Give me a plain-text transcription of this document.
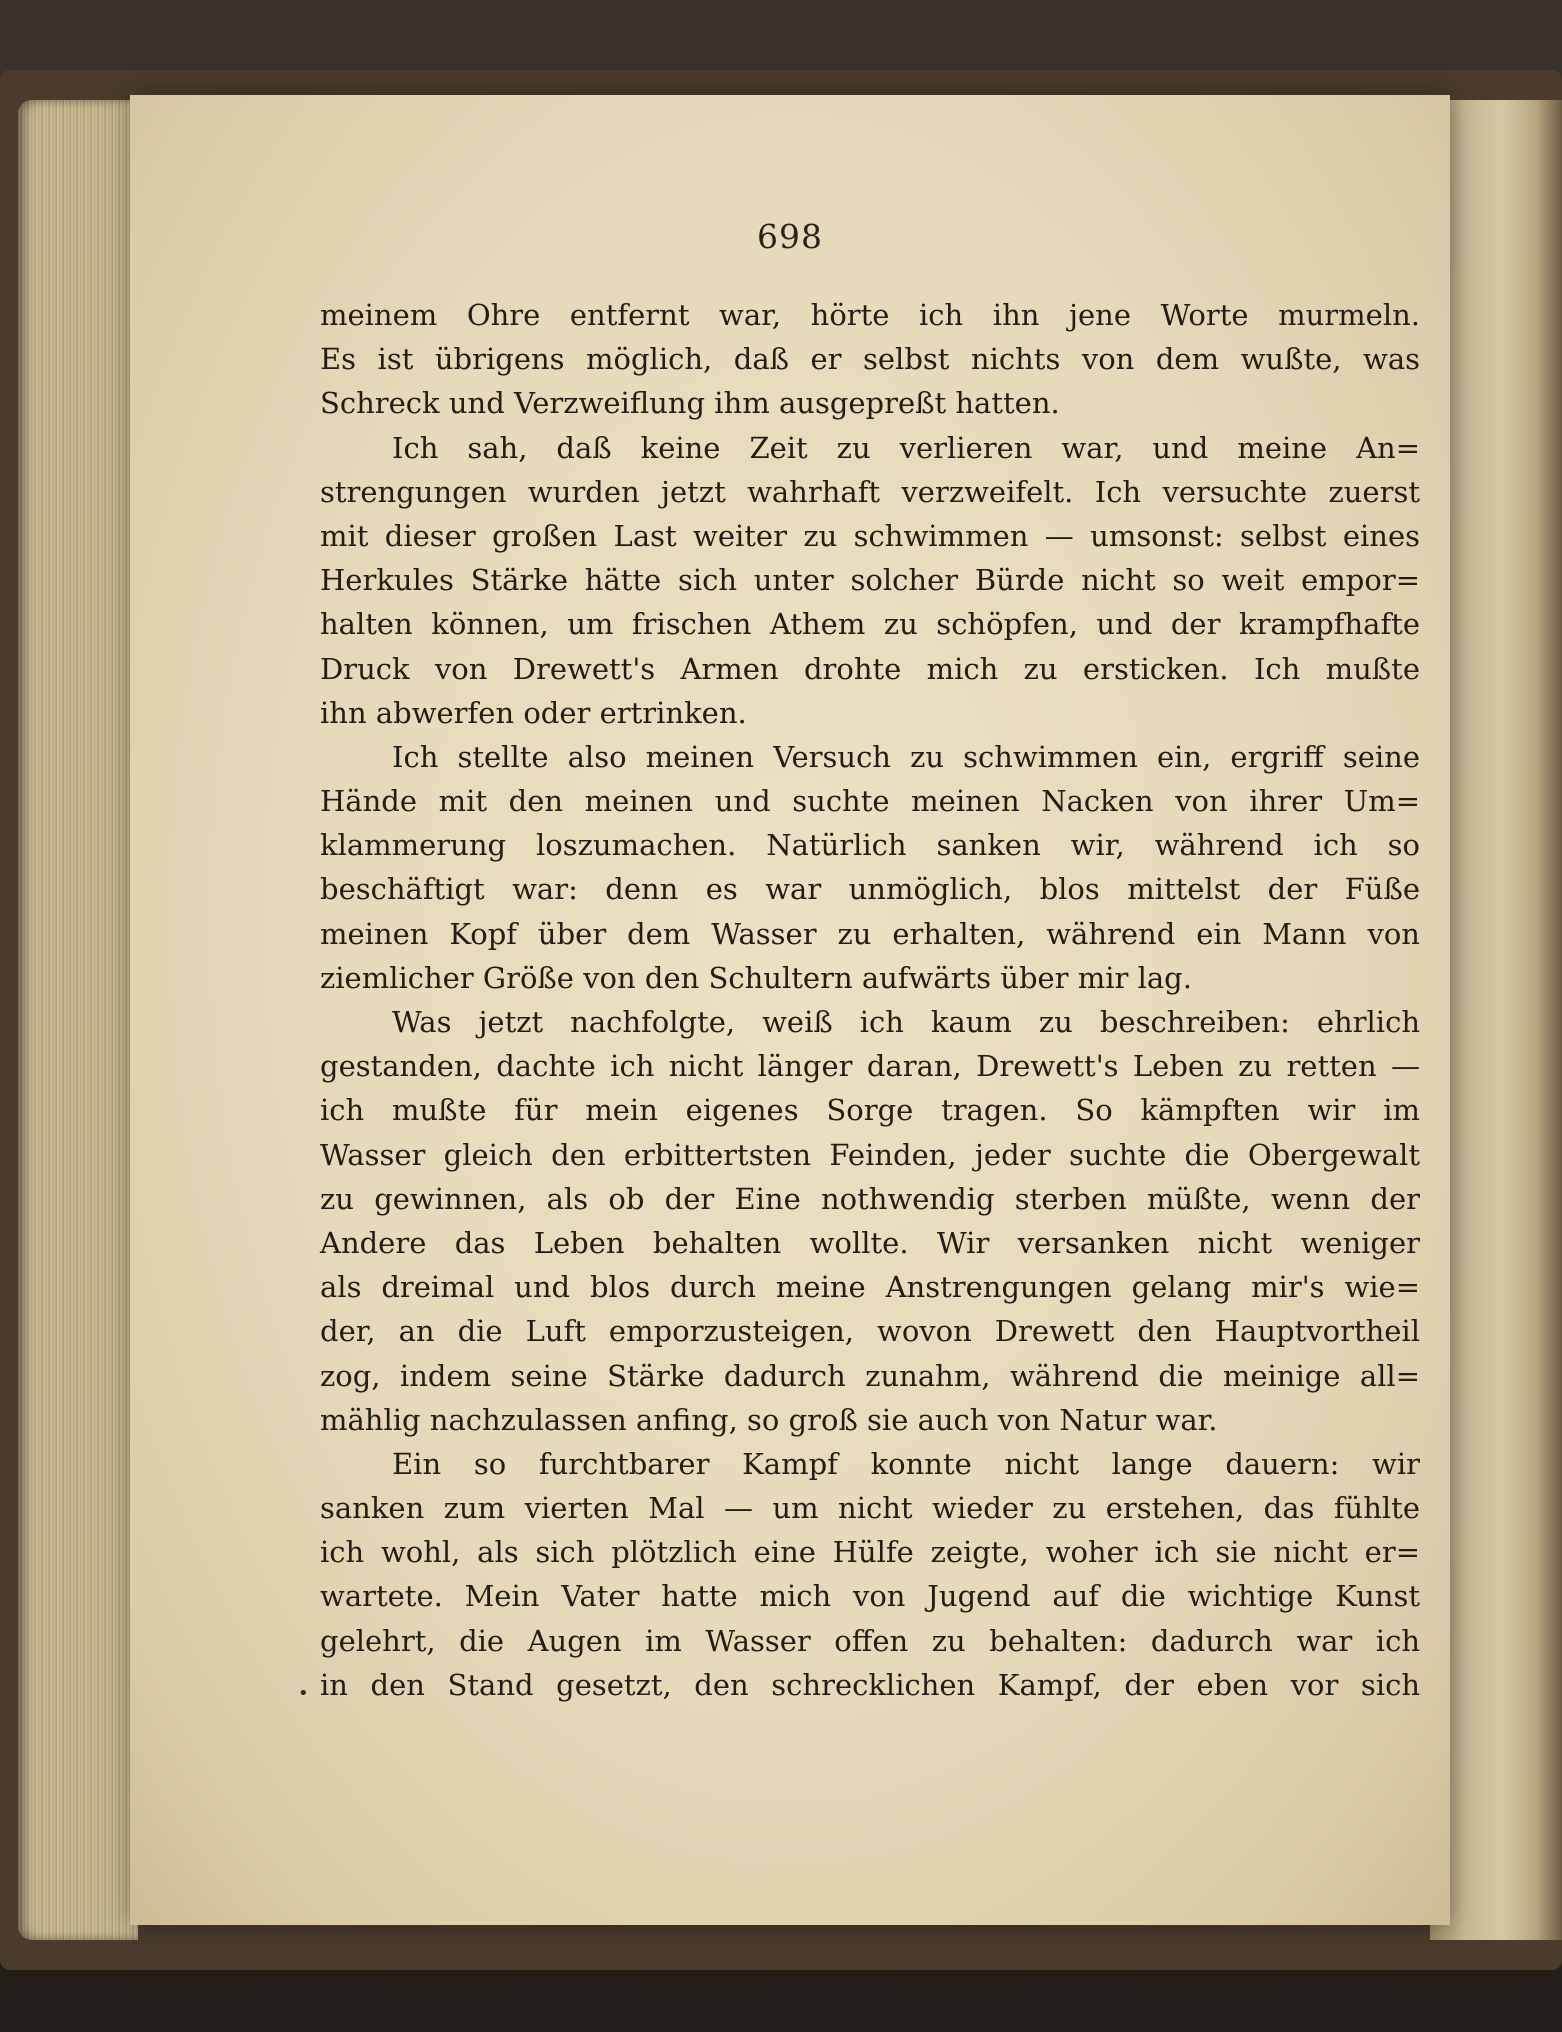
698
meinem Ohre entfernt war, hörte ich ihn jene Worte murmeln.
Es ist übrigens möglich, daß er selbst nichts von dem wußte, was
Schreck und Verzweiflung ihm ausgepreßt hatten.
Ich sah, daß keine Zeit zu verlieren war, und meine An=
strengungen wurden jetzt wahrhaft verzweifelt. Ich versuchte zuerst
mit dieser großen Last weiter zu schwimmen — umsonst: selbst eines
Herkules Stärke hätte sich unter solcher Bürde nicht so weit empor=
halten können, um frischen Athem zu schöpfen, und der krampfhafte
Druck von Drewett's Armen drohte mich zu ersticken. Ich mußte
ihn abwerfen oder ertrinken.
Ich stellte also meinen Versuch zu schwimmen ein, ergriff seine
Hände mit den meinen und suchte meinen Nacken von ihrer Um=
klammerung loszumachen. Natürlich sanken wir, während ich so
beschäftigt war: denn es war unmöglich, blos mittelst der Füße
meinen Kopf über dem Wasser zu erhalten, während ein Mann von
ziemlicher Größe von den Schultern aufwärts über mir lag.
Was jetzt nachfolgte, weiß ich kaum zu beschreiben: ehrlich
gestanden, dachte ich nicht länger daran, Drewett's Leben zu retten —
ich mußte für mein eigenes Sorge tragen. So kämpften wir im
Wasser gleich den erbittertsten Feinden, jeder suchte die Obergewalt
zu gewinnen, als ob der Eine nothwendig sterben müßte, wenn der
Andere das Leben behalten wollte. Wir versanken nicht weniger
als dreimal und blos durch meine Anstrengungen gelang mir's wie=
der, an die Luft emporzusteigen, wovon Drewett den Hauptvortheil
zog, indem seine Stärke dadurch zunahm, während die meinige all=
mählig nachzulassen anfing, so groß sie auch von Natur war.
Ein so furchtbarer Kampf konnte nicht lange dauern: wir
sanken zum vierten Mal — um nicht wieder zu erstehen, das fühlte
ich wohl, als sich plötzlich eine Hülfe zeigte, woher ich sie nicht er=
wartete. Mein Vater hatte mich von Jugend auf die wichtige Kunst
gelehrt, die Augen im Wasser offen zu behalten: dadurch war ich
in den Stand gesetzt, den schrecklichen Kampf, der eben vor sich
•
